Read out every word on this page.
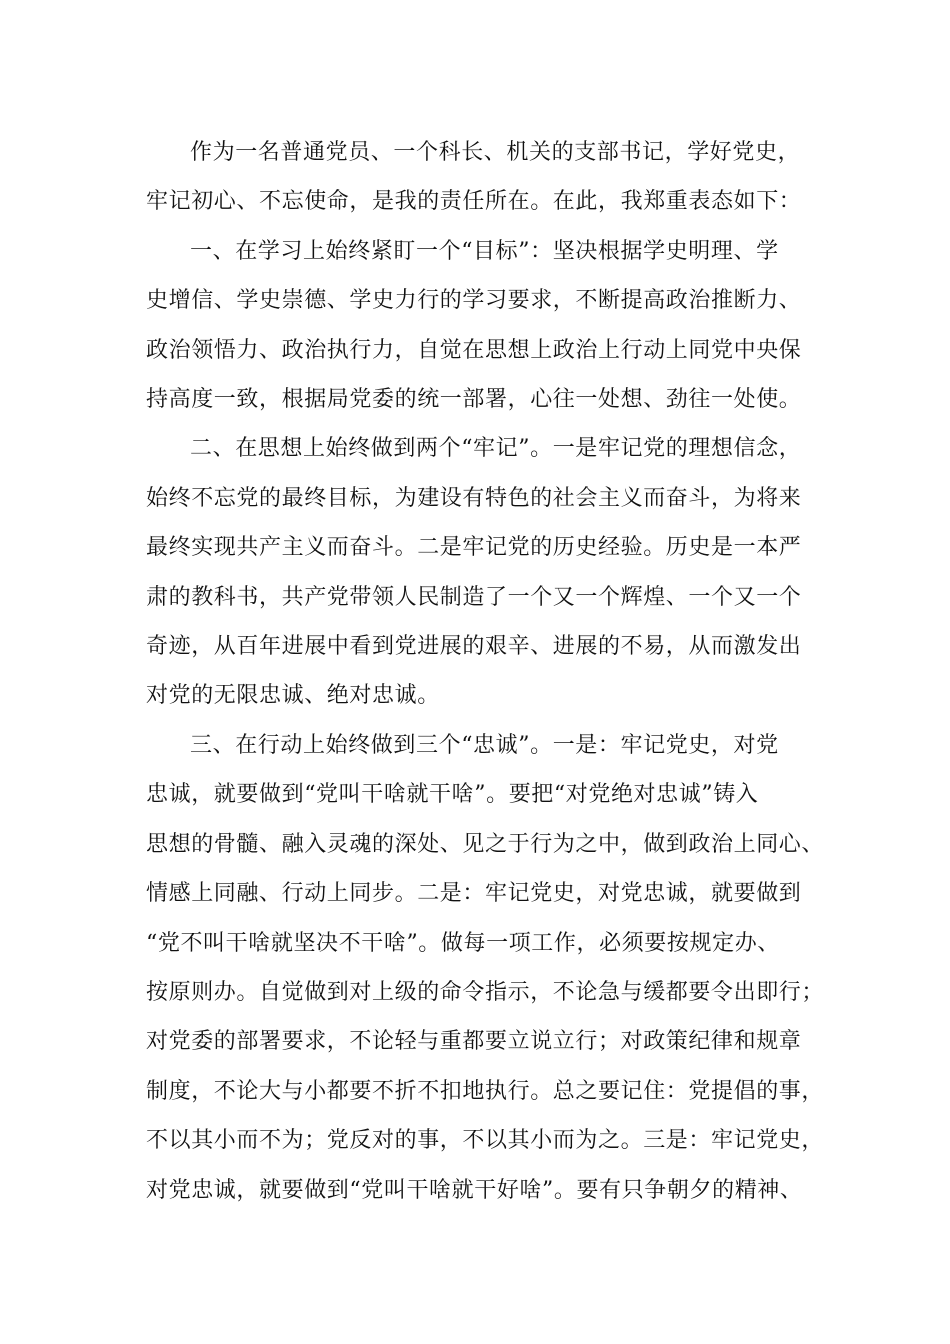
作为一名普通党员、一个科长、机关的支部书记，学好党史，
牢记初心、不忘使命，是我的责任所在。在此，我郑重表态如下：

一、在学习上始终紧盯一个“目标”：坚决根据学史明理、学
史增信、学史崇德、学史力行的学习要求，不断提高政治推断力、
政治领悟力、政治执行力，自觉在思想上政治上行动上同党中央保
持高度一致，根据局党委的统一部署，心往一处想、劲往一处使。

二、在思想上始终做到两个“牢记”。一是牢记党的理想信念，
始终不忘党的最终目标，为建设有特色的社会主义而奋斗，为将来
最终实现共产主义而奋斗。二是牢记党的历史经验。历史是一本严
肃的教科书，共产党带领人民制造了一个又一个辉煌、一个又一个
奇迹，从百年进展中看到党进展的艰辛、进展的不易，从而激发出
对党的无限忠诚、绝对忠诚。

三、在行动上始终做到三个“忠诚”。一是：牢记党史，对党
忠诚，就要做到“党叫干啥就干啥”。要把“对党绝对忠诚”铸入
思想的骨髓、融入灵魂的深处、见之于行为之中，做到政治上同心、
情感上同融、行动上同步。二是：牢记党史，对党忠诚，就要做到
“党不叫干啥就坚决不干啥”。做每一项工作，必须要按规定办、
按原则办。自觉做到对上级的命令指示，不论急与缓都要令出即行；
对党委的部署要求，不论轻与重都要立说立行；对政策纪律和规章
制度，不论大与小都要不折不扣地执行。总之要记住：党提倡的事，
不以其小而不为；党反对的事，不以其小而为之。三是：牢记党史，
对党忠诚，就要做到“党叫干啥就干好啥”。要有只争朝夕的精神、
